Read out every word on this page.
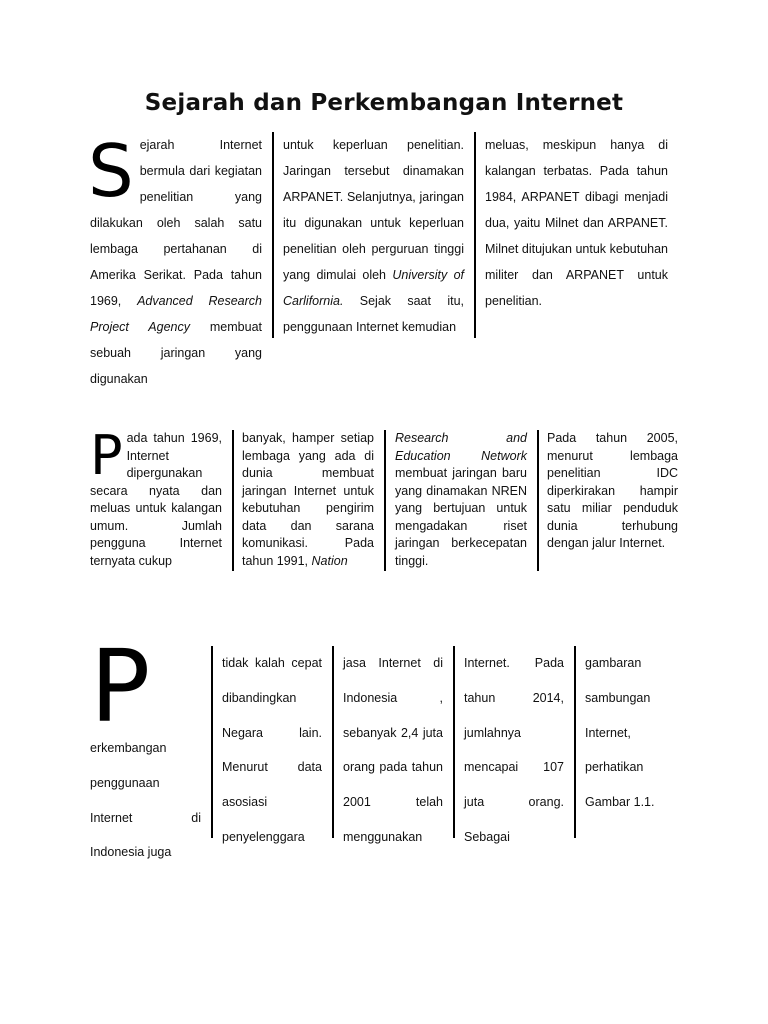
Sejarah dan Perkembangan Internet

Sejarah Internet bermula dari kegiatan penelitian yang dilakukan oleh salah satu lembaga pertahanan di Amerika Serikat. Pada tahun 1969, Advanced Research Project Agency membuat sebuah jaringan yang digunakan

untuk keperluan penelitian. Jaringan tersebut dinamakan ARPANET. Selanjutnya, jaringan itu digunakan untuk keperluan penelitian oleh perguruan tinggi yang dimulai oleh University of Carlifornia. Sejak saat itu, penggunaan Internet kemudian

meluas, meskipun hanya di kalangan terbatas. Pada tahun 1984, ARPANET dibagi menjadi dua, yaitu Milnet dan ARPANET. Milnet ditujukan untuk kebutuhan militer dan ARPANET untuk penelitian.

Pada tahun 1969, Internet dipergunakan secara nyata dan meluas untuk kalangan umum. Jumlah pengguna Internet ternyata cukup

banyak, hamper setiap lembaga yang ada di dunia membuat jaringan Internet untuk kebutuhan pengirim data dan sarana komunikasi. Pada tahun 1991, Nation

Research and Education Network membuat jaringan baru yang dinamakan NREN yang bertujuan untuk mengadakan riset jaringan berkecepatan tinggi.

Pada tahun 2005, menurut lembaga penelitian IDC diperkirakan hampir satu miliar penduduk dunia terhubung dengan jalur Internet.

P
erkembangan penggunaan Internet di Indonesia juga

tidak kalah cepat dibandingkan Negara lain. Menurut data asosiasi penyelenggara

jasa Internet di Indonesia , sebanyak 2,4 juta orang pada tahun 2001 telah menggunakan

Internet. Pada tahun 2014, jumlahnya mencapai 107 juta orang. Sebagai

gambaran sambungan Internet, perhatikan Gambar 1.1.
